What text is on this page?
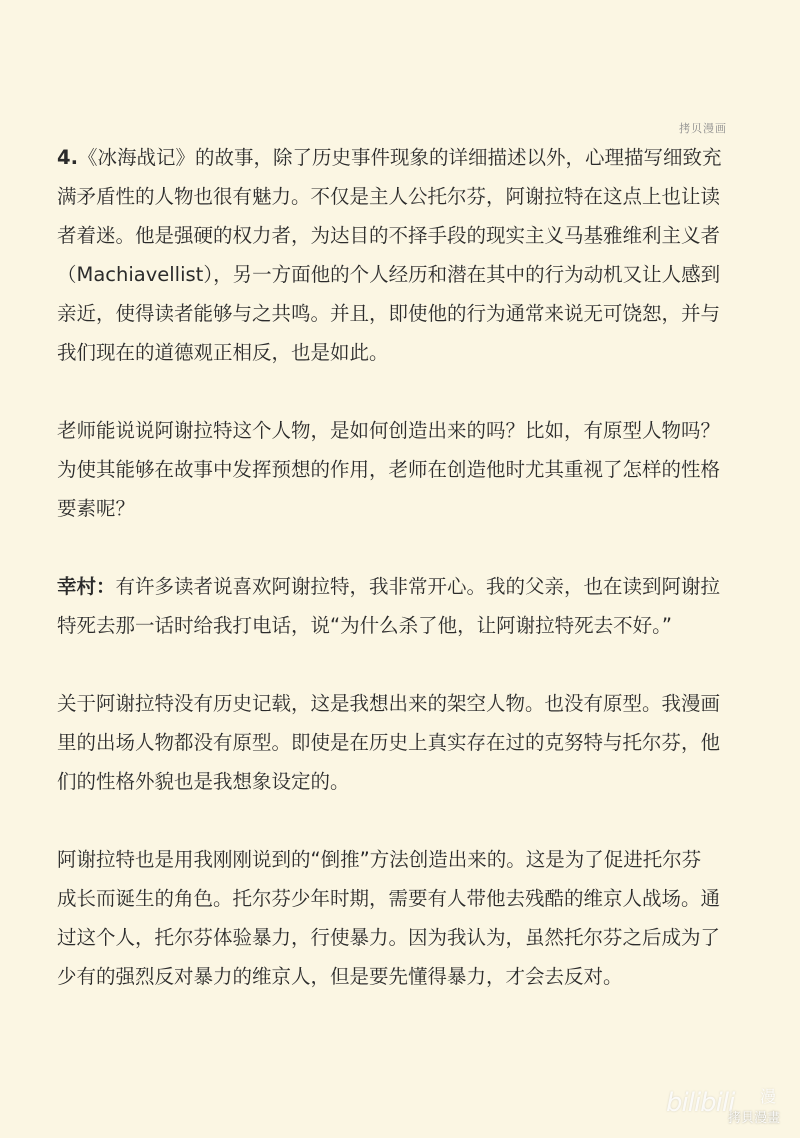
拷贝漫画
4.《冰海战记》的故事，除了历史事件现象的详细描述以外，心理描写细致充
满矛盾性的人物也很有魅力。不仅是主人公托尔芬，阿谢拉特在这点上也让读
者着迷。他是强硬的权力者，为达目的不择手段的现实主义马基雅维利主义者
（Machiavellist），另一方面他的个人经历和潜在其中的行为动机又让人感到
亲近，使得读者能够与之共鸣。并且，即使他的行为通常来说无可饶恕，并与
我们现在的道德观正相反，也是如此。
老师能说说阿谢拉特这个人物，是如何创造出来的吗？比如，有原型人物吗？
为使其能够在故事中发挥预想的作用，老师在创造他时尤其重视了怎样的性格
要素呢？
幸村：有许多读者说喜欢阿谢拉特，我非常开心。我的父亲，也在读到阿谢拉
特死去那一话时给我打电话，说“为什么杀了他，让阿谢拉特死去不好。”
关于阿谢拉特没有历史记载，这是我想出来的架空人物。也没有原型。我漫画
里的出场人物都没有原型。即使是在历史上真实存在过的克努特与托尔芬，他
们的性格外貌也是我想象设定的。
阿谢拉特也是用我刚刚说到的“倒推”方法创造出来的。这是为了促进托尔芬
成长而诞生的角色。托尔芬少年时期，需要有人带他去残酷的维京人战场。通
过这个人，托尔芬体验暴力，行使暴力。因为我认为，虽然托尔芬之后成为了
少有的强烈反对暴力的维京人，但是要先懂得暴力，才会去反对。
bilibili 漫
拷貝漫畫
